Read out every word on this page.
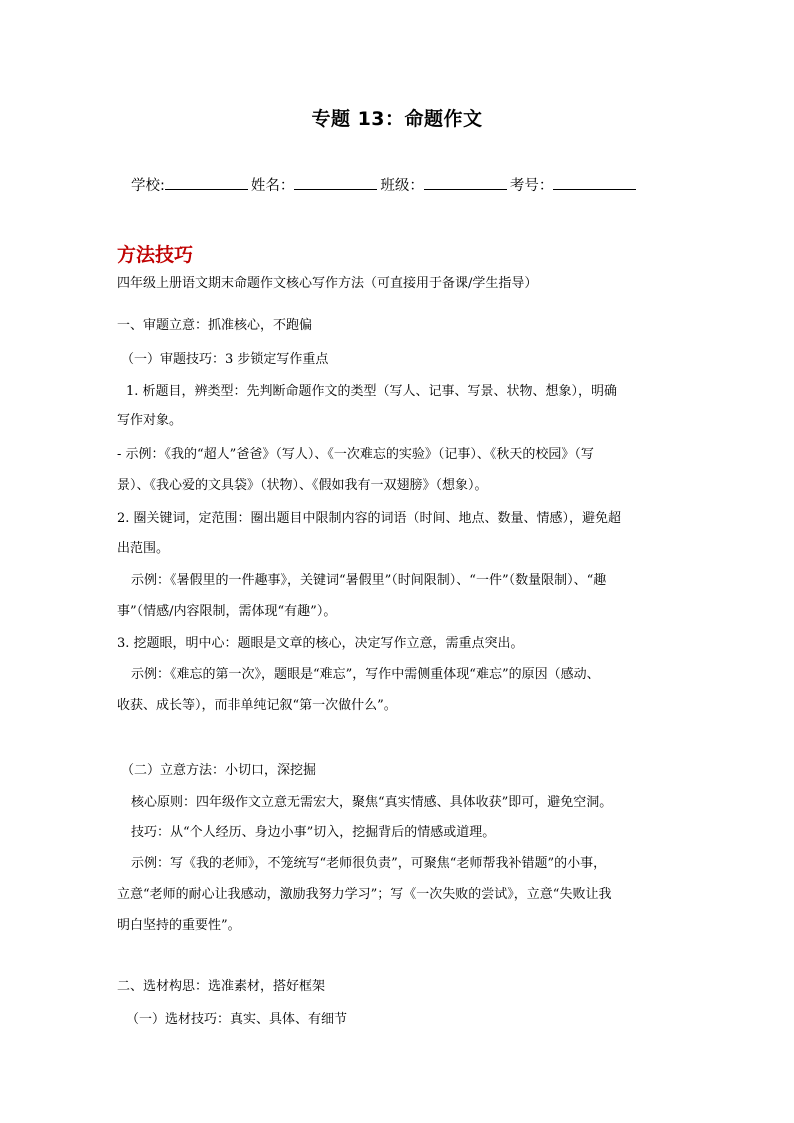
专题 13：命题作文
学校:	姓名：	班级：	考号：
方法技巧
四年级上册语文期末命题作文核心写作方法（可直接用于备课/学生指导）
一、审题立意：抓准核心，不跑偏
（一）审题技巧：3 步锁定写作重点
1. 析题目，辨类型：先判断命题作文的类型（写人、记事、写景、状物、想象），明确
写作对象。
- 示例：《我的“超人”爸爸》（写人）、《一次难忘的实验》（记事）、《秋天的校园》（写
景）、《我心爱的文具袋》（状物）、《假如我有一双翅膀》（想象）。
2. 圈关键词，定范围：圈出题目中限制内容的词语（时间、地点、数量、情感），避免超
出范围。
示例：《暑假里的一件趣事》，关键词“暑假里”（时间限制）、“一件”（数量限制）、“趣
事”（情感/内容限制，需体现“有趣”）。
3. 挖题眼，明中心：题眼是文章的核心，决定写作立意，需重点突出。
示例：《难忘的第一次》，题眼是“难忘”，写作中需侧重体现“难忘”的原因（感动、
收获、成长等），而非单纯记叙“第一次做什么”。
（二）立意方法：小切口，深挖掘
核心原则：四年级作文立意无需宏大，聚焦“真实情感、具体收获”即可，避免空洞。
技巧：从“个人经历、身边小事”切入，挖掘背后的情感或道理。
示例：写《我的老师》，不笼统写“老师很负责”，可聚焦“老师帮我补错题”的小事，
立意“老师的耐心让我感动，激励我努力学习”；写《一次失败的尝试》，立意“失败让我
明白坚持的重要性”。
二、选材构思：选准素材，搭好框架
（一）选材技巧：真实、具体、有细节
